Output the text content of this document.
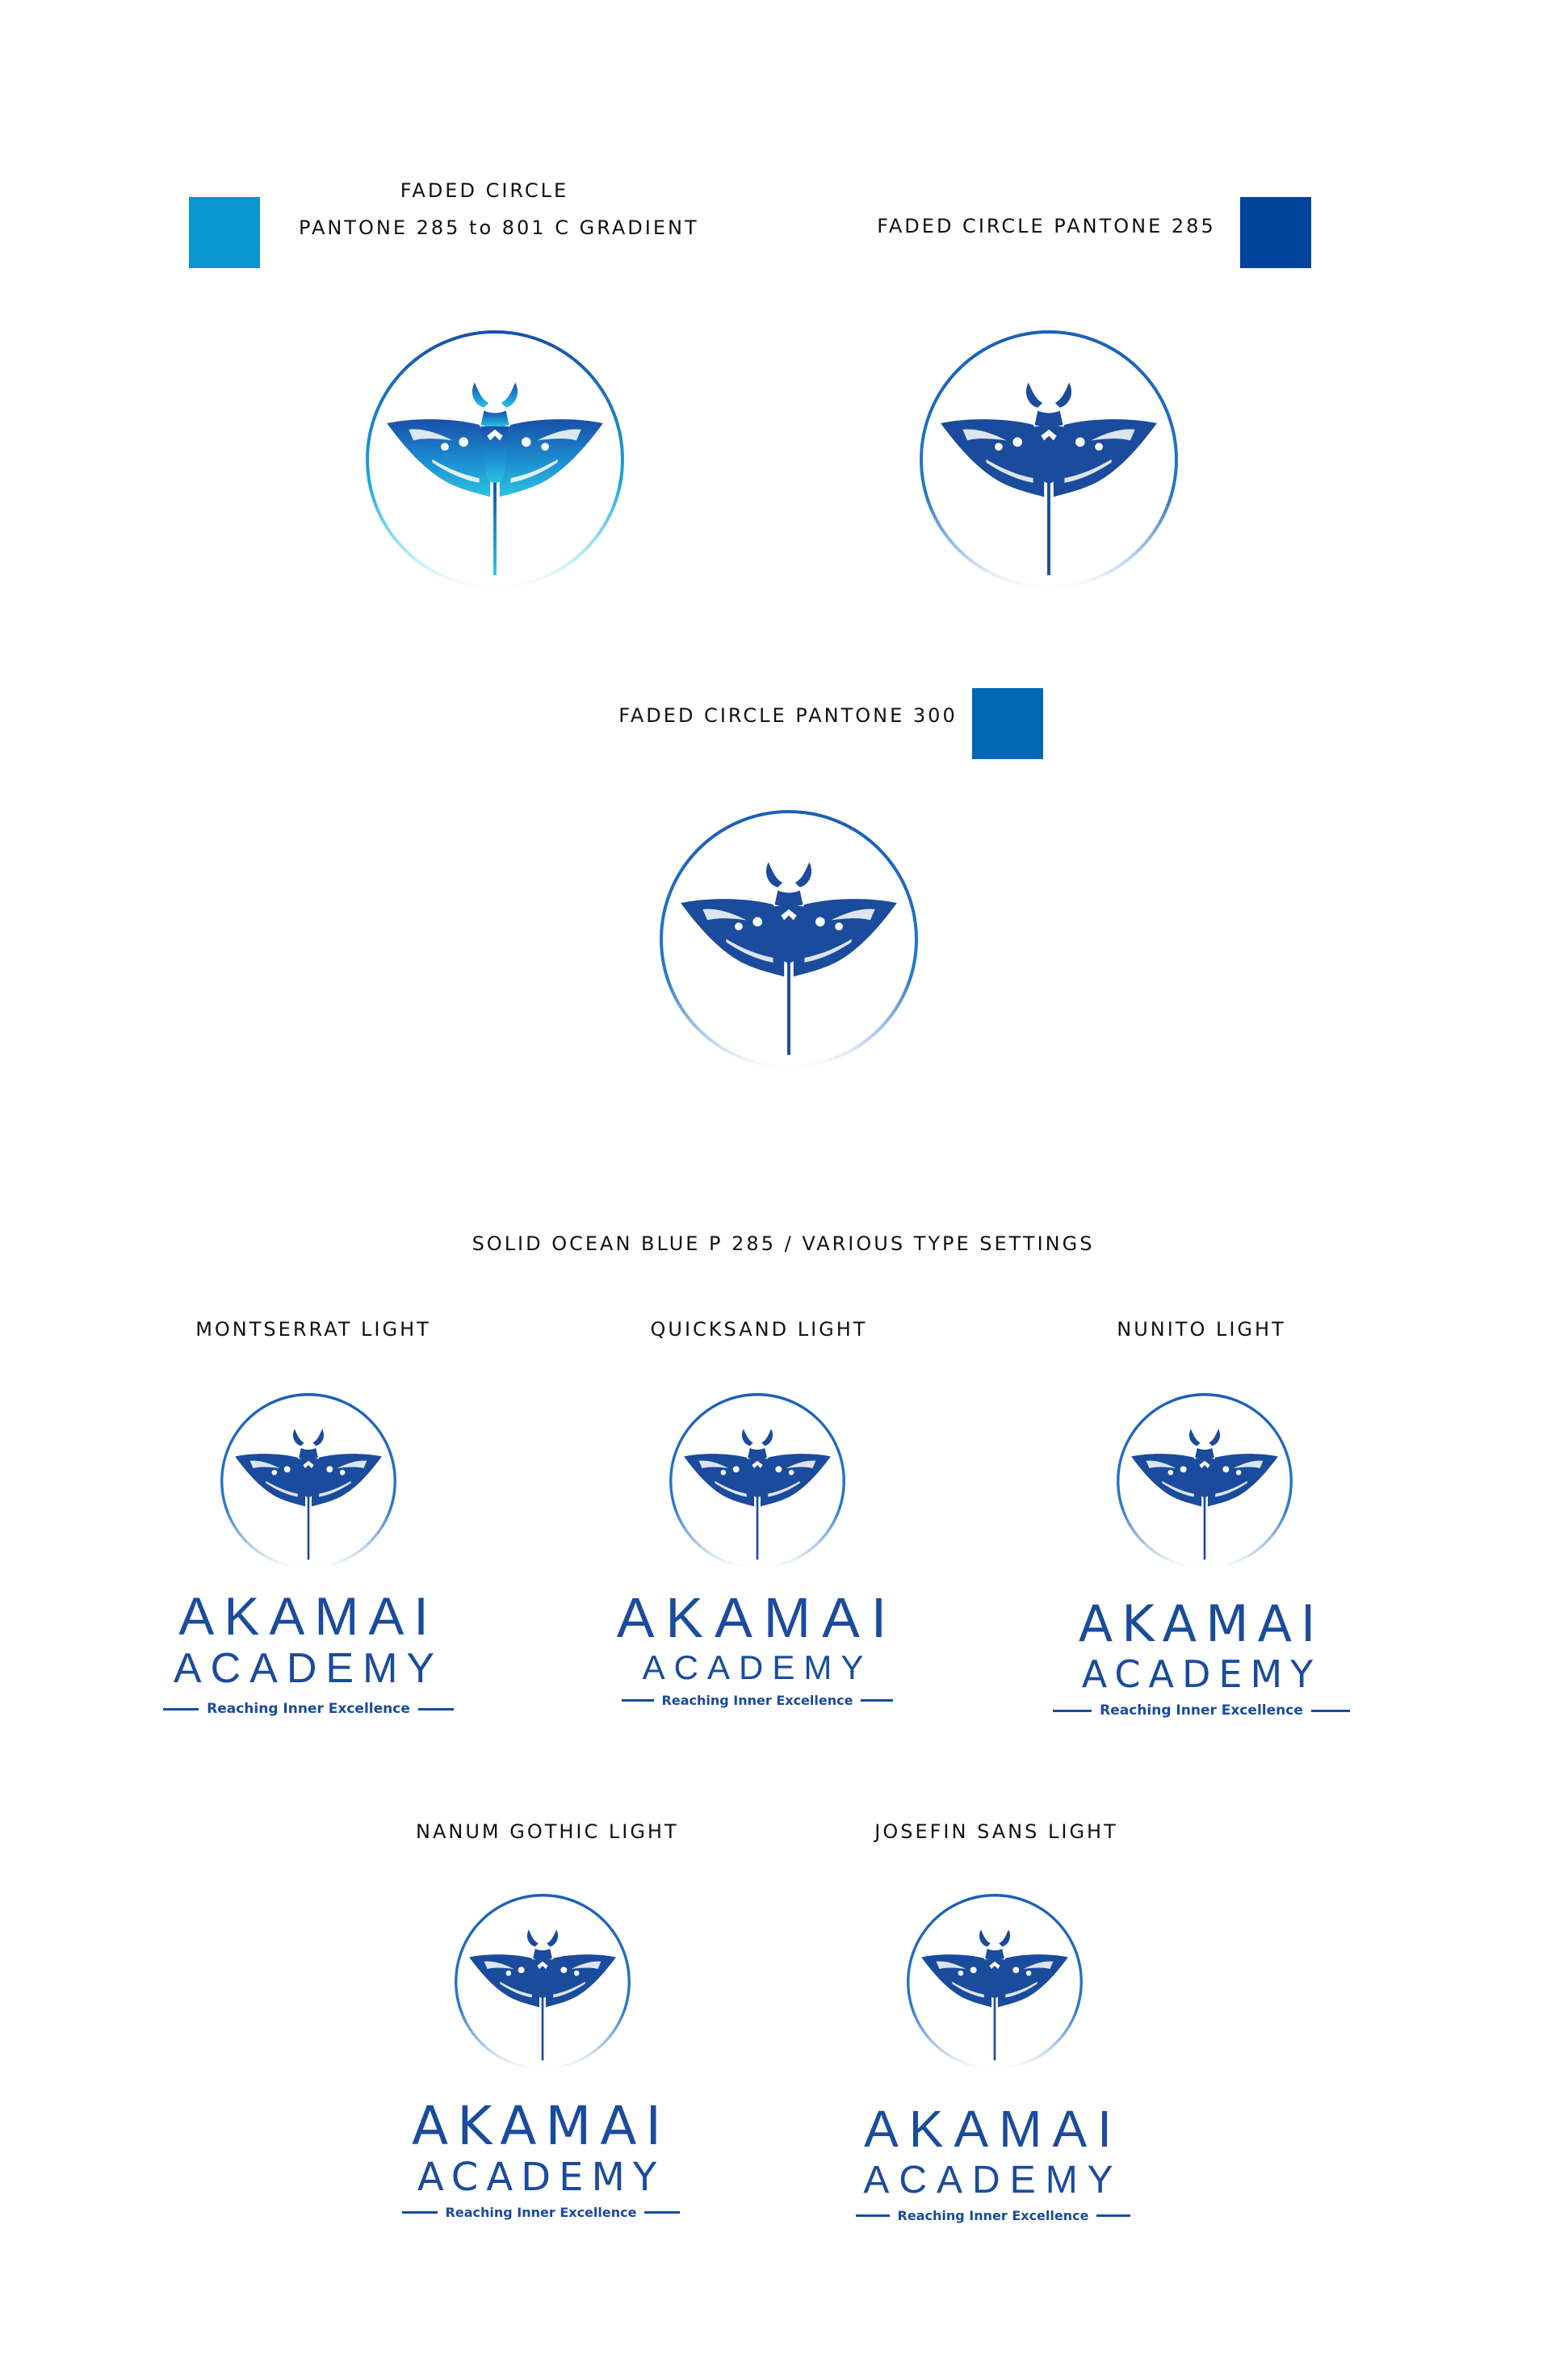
FADED CIRCLE
PANTONE 285 to 801 C GRADIENT	FADED CIRCLE PANTONE 285
FADED CIRCLE PANTONE 300
SOLID OCEAN BLUE P 285 / VARIOUS TYPE SETTINGS
MONTSERRAT LIGHT
AKAMAI
ACADEMY
Reaching Inner Excellence
QUICKSAND LIGHT
AKAMAI
ACADEMY
Reaching Inner Excellence
NUNITO LIGHT
AKAMAI
ACADEMY
Reaching Inner Excellence
NANUM GOTHIC LIGHT
AKAMAI
ACADEMY
Reaching Inner Excellence
JOSEFIN SANS LIGHT
AKAMAI
ACADEMY
Reaching Inner Excellence
